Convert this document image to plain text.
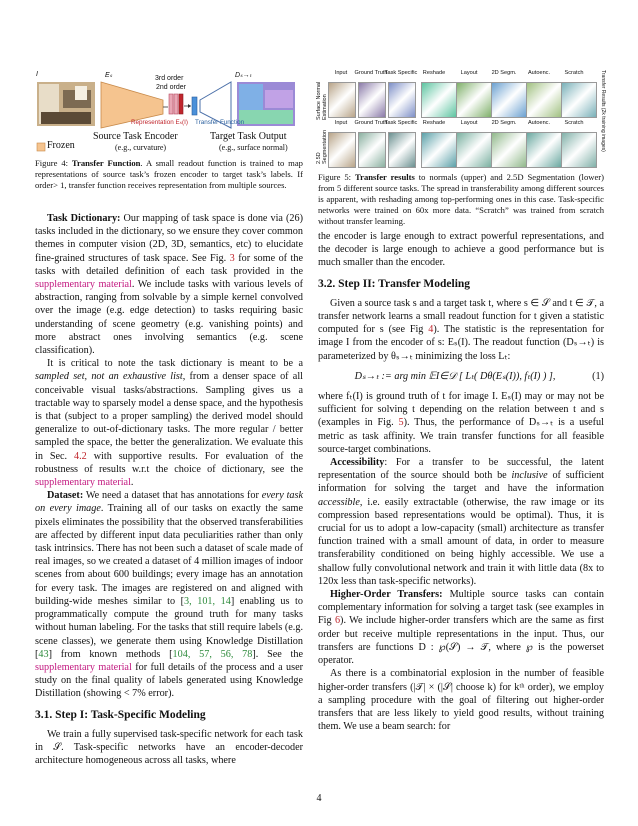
I	Eₛ	Dₛ→ₜ
3rd order
2nd order
Representation Eₛ(I) Transfer Function
Frozen
Source Task Encoder
(e.g., curvature)
Target Task Output
(e.g., surface normal)
Figure 4: Transfer Function. A small readout function is trained to map representations of source task’s frozen encoder to target task’s labels. If order> 1, transfer function receives representation from multiple sources.
Surface Normal Estimation
2.5D Segmentation	Transfer Results (2k training images)
Input	Ground Truth
Task Specific Reshade	Layout	2D Segm.	Autoenc.	Scratch
Input	Ground Truth
Task Specific Reshade	Layout	2D Segm.	Autoenc.	Scratch
Figure 5: Transfer results to normals (upper) and 2.5D Segmentation (lower) from 5 different source tasks. The spread in transferability among different sources is apparent, with reshading among top-performing ones in this case. Task-specific networks were trained on 60x more data. “Scratch” was trained from scratch without transfer learning.

Task Dictionary: Our mapping of task space is done via (26) tasks included in the dictionary, so we ensure they cover common themes in computer vision (2D, 3D, semantics, etc) to elucidate fine-grained structures of task space. See Fig. 3 for some of the tasks with detailed definition of each task provided in the supplementary material. We include tasks with various levels of abstraction, ranging from solvable by a simple kernel convolved over the image (e.g. edge detection) to tasks requiring basic understanding of scene geometry (e.g. vanishing points) and more abstract ones involving semantics (e.g. scene classification).

It is critical to note the task dictionary is meant to be a sampled set, not an exhaustive list, from a denser space of all conceivable visual tasks/abstractions. Sampling gives us a tractable way to sparsely model a dense space, and the hypothesis is that (subject to a proper sampling) the derived model should generalize to out-of-dictionary tasks. The more regular / better sampled the space, the better the generalization. We evaluate this in Sec. 4.2 with supportive results. For evaluation of the robustness of results w.r.t the choice of dictionary, see the supplementary material.

Dataset: We need a dataset that has annotations for every task on every image. Training all of our tasks on exactly the same pixels eliminates the possibility that the observed transferabilities are affected by different input data peculiarities rather than only task intrinsics. There has not been such a dataset of scale made of real images, so we created a dataset of 4 million images of indoor scenes from about 600 buildings; every image has an annotation for every task. The images are registered on and aligned with building-wide meshes similar to [3, 101, 14] enabling us to programmatically compute the ground truth for many tasks without human labeling. For the tasks that still require labels (e.g. scene classes), we generate them using Knowledge Distillation [43] from known methods [104, 57, 56, 78]. See the supplementary material for full details of the process and a user study on the final quality of labels generated using Knowledge Distillation (showing < 7% error).

3.1. Step I: Task-Specific Modeling

We train a fully supervised task-specific network for each task in 𝒮. Task-specific networks have an encoder-decoder architecture homogeneous across all tasks, where

the encoder is large enough to extract powerful representations, and the decoder is large enough to achieve a good performance but is much smaller than the encoder.

3.2. Step II: Transfer Modeling

Given a source task s and a target task t, where s ∈ 𝒮 and t ∈ 𝒯, a transfer network learns a small readout function for t given a statistic computed for s (see Fig 4). The statistic is the representation for image I from the encoder of s: Eₛ(I). The readout function (Dₛ→ₜ) is parameterized by θₛ→ₜ minimizing the loss Lₜ:

Dₛ→ₜ := arg min 𝔼I∈𝒟 [ Lₜ( Dθ(Eₛ(I)), fₜ(I) ) ],	(1)

where fₜ(I) is ground truth of t for image I. Eₛ(I) may or may not be sufficient for solving t depending on the relation between t and s (examples in Fig. 5). Thus, the performance of Dₛ→ₜ is a useful metric as task affinity. We train transfer functions for all feasible source-target combinations.

Accessibility: For a transfer to be successful, the latent representation of the source should both be inclusive of sufficient information for solving the target and have the information accessible, i.e. easily extractable (otherwise, the raw image or its compression based representations would be optimal). Thus, it is crucial for us to adopt a low-capacity (small) architecture as transfer function trained with a small amount of data, in order to measure transferability conditioned on being highly accessible. We use a shallow fully convolutional network and train it with little data (8x to 120x less than task-specific networks).

Higher-Order Transfers: Multiple source tasks can contain complementary information for solving a target task (see examples in Fig 6). We include higher-order transfers which are the same as first order but receive multiple representations in the input. Thus, our transfers are functions D : ℘(𝒮) → 𝒯, where ℘ is the powerset operator.

As there is a combinatorial explosion in the number of feasible higher-order transfers (|𝒯| × (|𝒮| choose k) for kᵗʰ order), we employ a sampling procedure with the goal of filtering out higher-order transfers that are less likely to yield good results, without training them. We use a beam search: for

4
